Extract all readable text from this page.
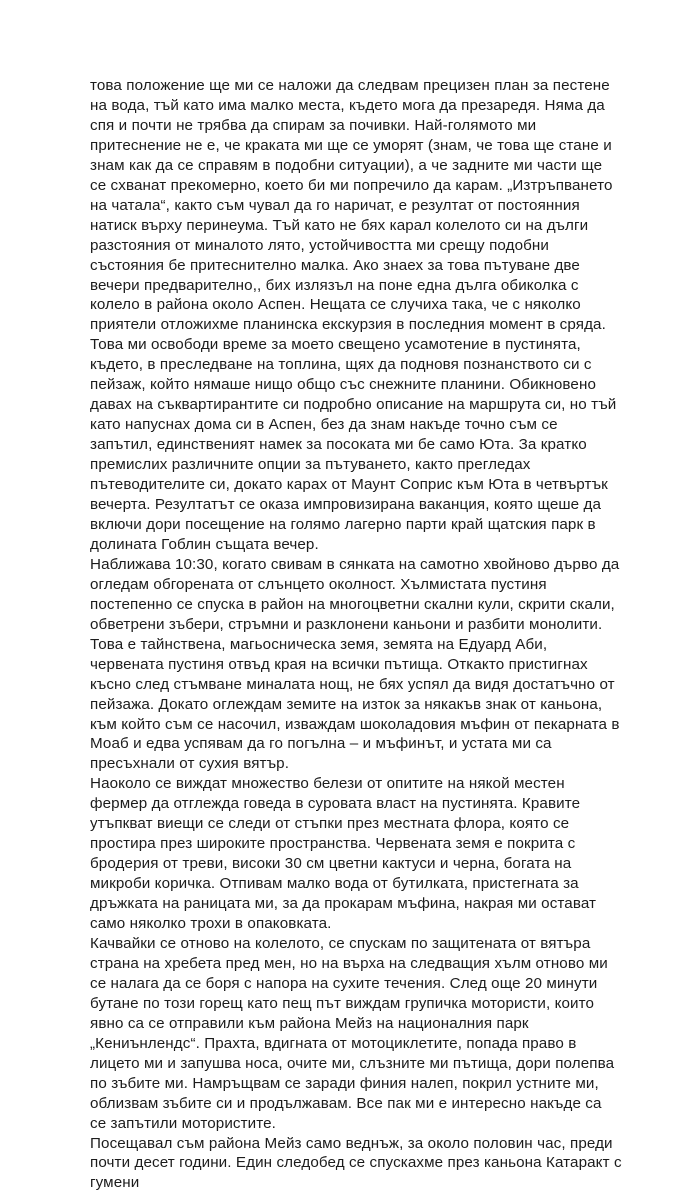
това положение ще ми се наложи да следвам прецизен план за пестене на вода, тъй като има малко места, където мога да презаредя. Няма да спя и почти не трябва да спирам за почивки. Най-голямото ми притеснение не е, че краката ми ще се уморят (знам, че това ще стане и знам как да се справям в подобни ситуации), а че задните ми части ще се схванат прекомерно, което би ми попречило да карам. „Изтръпването на чатала“, както съм чувал да го наричат, е резултат от постоянния натиск върху перинеума. Тъй като не бях карал колелото си на дълги разстояния от миналото лято, устойчивостта ми срещу подобни състояния бе притеснително малка. Ако знаех за това пътуване две вечери предварително,, бих излязъл на поне една дълга обиколка с колело в района около Аспен. Нещата се случиха така, че с няколко приятели отложихме планинска екскурзия в последния момент в сряда. Това ми освободи време за моето свещено усамотение в пустинята, където, в преследване на топлина, щях да подновя познанството си с пейзаж, който нямаше нищо общо със снежните планини. Обикновено давах на съквартирантите си подробно описание на маршрута си, но тъй като напуснах дома си в Аспен, без да знам накъде точно съм се запътил, единственият намек за посоката ми бе само Юта. За кратко премислих различните опции за пътуването, както прегледах пътеводителите си, докато карах от Маунт Соприс към Юта в четвъртък вечерта. Резултатът се оказа импровизирана ваканция, която щеше да включи дори посещение на голямо лагерно парти край щатския парк в долината Гоблин същата вечер.

Наближава 10:30, когато свивам в сянката на самотно хвойново дърво да огледам обгорената от слънцето околност. Хълмистата пустиня постепенно се спуска в район на многоцветни скални кули, скрити скали, обветрени зъбери, стръмни и разклонени каньони и разбити монолити. Това е тайнствена, магьосническа земя, земята на Едуард Аби, червената пустиня отвъд края на всички пътища. Откакто пристигнах късно след стъмване миналата нощ, не бях успял да видя достатъчно от пейзажа. Докато оглеждам земите на изток за някакъв знак от каньона, към който съм се насочил, изваждам шоколадовия мъфин от пекарната в Моаб и едва успявам да го погълна – и мъфинът, и устата ми са пресъхнали от сухия вятър.

Наоколо се виждат множество белези от опитите на някой местен фермер да отглежда говеда в суровата власт на пустинята. Кравите утъпкват виещи се следи от стъпки през местната флора, която се простира през широките пространства. Червената земя е покрита с бродерия от треви, високи 30 см цветни кактуси и черна, богата на микроби коричка. Отпивам малко вода от бутилката, пристегната за дръжката на раницата ми, за да прокарам мъфина, накрая ми остават само няколко трохи в опаковката.

Качвайки се отново на колелото, се спускам по защитената от вятъра страна на хребета пред мен, но на върха на следващия хълм отново ми се налага да се боря с напора на сухите течения. След още 20 минути бутане по този горещ като пещ път виждам групичка мотористи, които явно са се отправили към района Мейз на националния парк „Кениънлендс“. Прахта, вдигната от мотоциклетите, попада право в лицето ми и запушва носа, очите ми, слъзните ми пътища, дори полепва по зъбите ми. Намръщвам се заради финия налеп, покрил устните ми, облизвам зъбите си и продължавам. Все пак ми е интересно накъде са се запътили мотористите.

Посещавал съм района Мейз само веднъж, за около половин час, преди почти десет години. Един следобед се спускахме през каньона Катаракт с гумени
